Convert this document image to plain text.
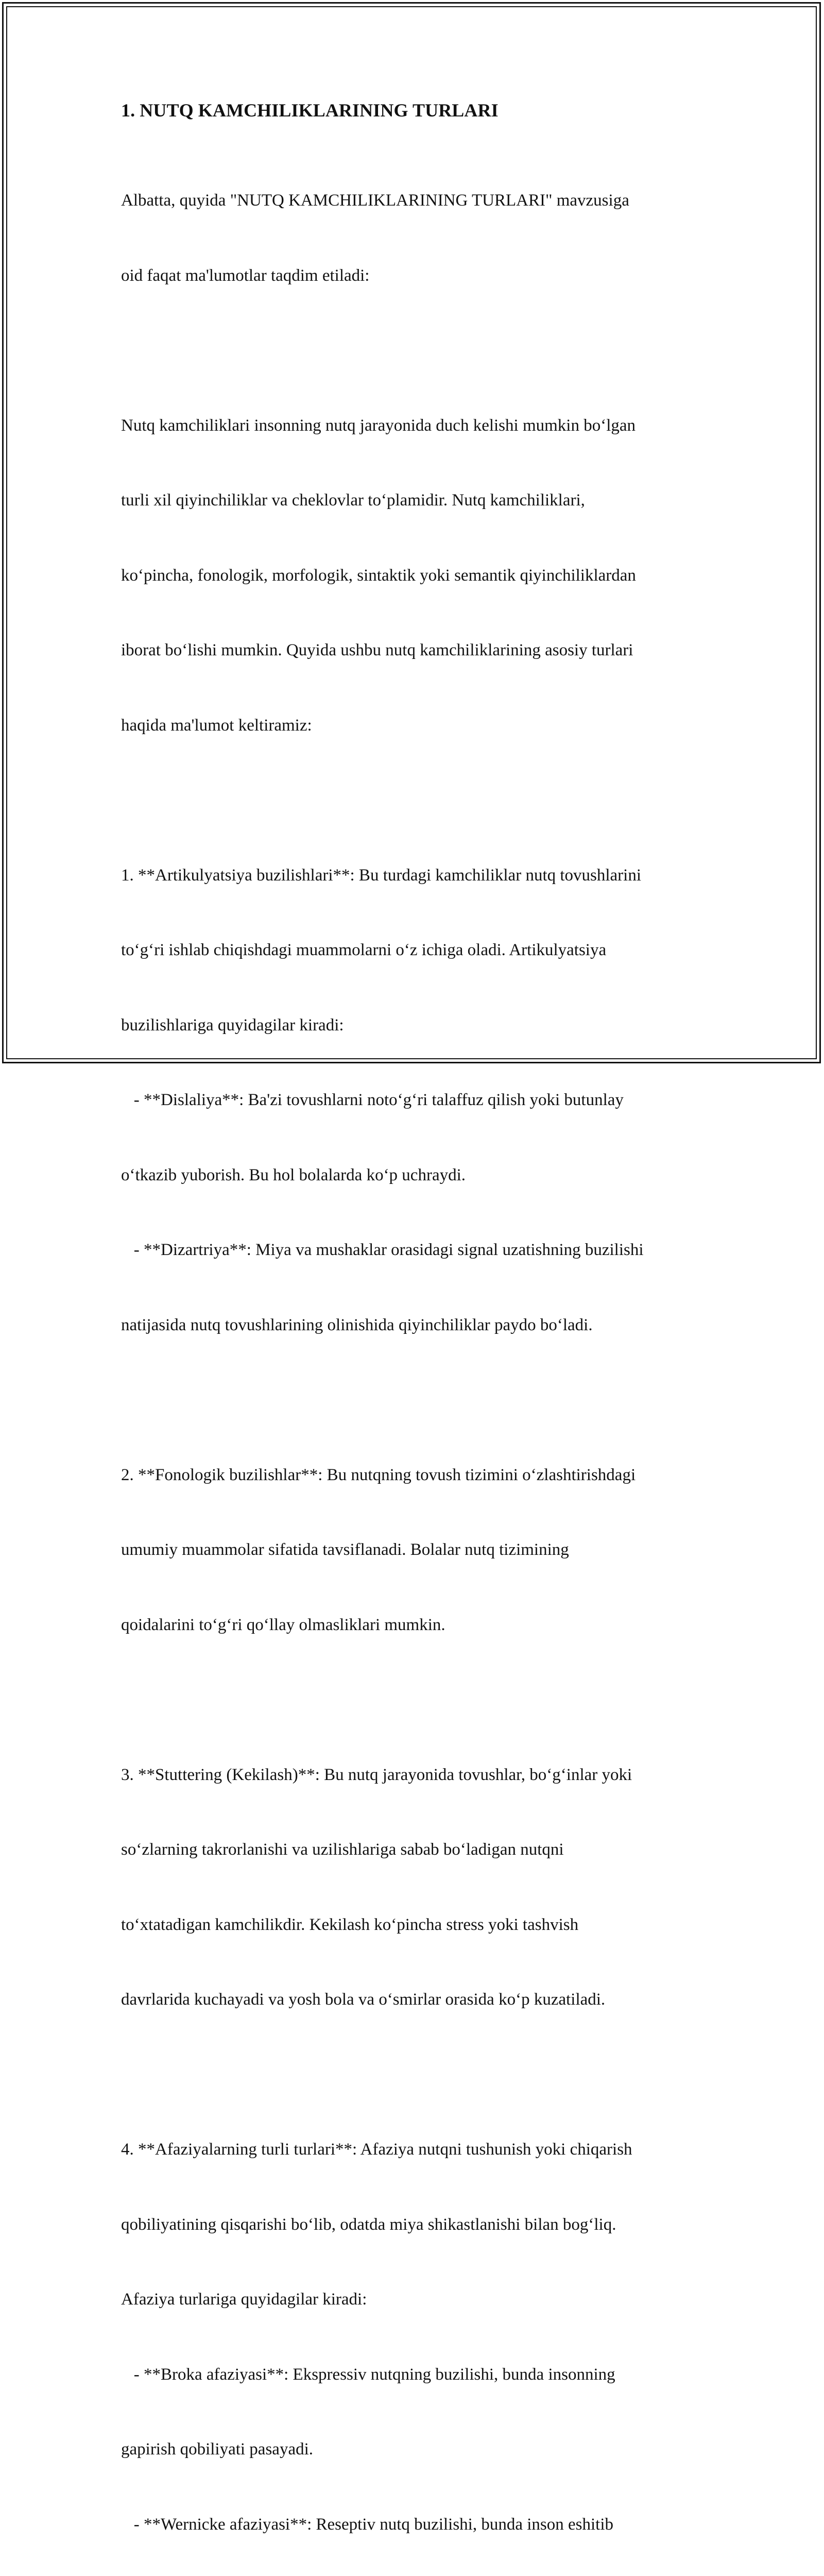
1. NUTQ KAMCHILIKLARINING TURLARI

Albatta, quyida "NUTQ KAMCHILIKLARINING TURLARI" mavzusiga

oid faqat ma'lumotlar taqdim etiladi:

Nutq kamchiliklari insonning nutq jarayonida duch kelishi mumkin bo‘lgan

turli xil qiyinchiliklar va cheklovlar to‘plamidir. Nutq kamchiliklari,

ko‘pincha, fonologik, morfologik, sintaktik yoki semantik qiyinchiliklardan

iborat bo‘lishi mumkin. Quyida ushbu nutq kamchiliklarining asosiy turlari

haqida ma'lumot keltiramiz:

1. **Artikulyatsiya buzilishlari**: Bu turdagi kamchiliklar nutq tovushlarini

to‘g‘ri ishlab chiqishdagi muammolarni o‘z ichiga oladi. Artikulyatsiya

buzilishlariga quyidagilar kiradi:

- **Dislaliya**: Ba'zi tovushlarni noto‘g‘ri talaffuz qilish yoki butunlay

o‘tkazib yuborish. Bu hol bolalarda ko‘p uchraydi.

- **Dizartriya**: Miya va mushaklar orasidagi signal uzatishning buzilishi

natijasida nutq tovushlarining olinishida qiyinchiliklar paydo bo‘ladi.

2. **Fonologik buzilishlar**: Bu nutqning tovush tizimini o‘zlashtirishdagi

umumiy muammolar sifatida tavsiflanadi. Bolalar nutq tizimining

qoidalarini to‘g‘ri qo‘llay olmasliklari mumkin.

3. **Stuttering (Kekilash)**: Bu nutq jarayonida tovushlar, bo‘g‘inlar yoki

so‘zlarning takrorlanishi va uzilishlariga sabab bo‘ladigan nutqni

to‘xtatadigan kamchilikdir. Kekilash ko‘pincha stress yoki tashvish

davrlarida kuchayadi va yosh bola va o‘smirlar orasida ko‘p kuzatiladi.

4. **Afaziyalarning turli turlari**: Afaziya nutqni tushunish yoki chiqarish

qobiliyatining qisqarishi bo‘lib, odatda miya shikastlanishi bilan bog‘liq.

Afaziya turlariga quyidagilar kiradi:

- **Broka afaziyasi**: Ekspressiv nutqning buzilishi, bunda insonning

gapirish qobiliyati pasayadi.

- **Wernicke afaziyasi**: Reseptiv nutq buzilishi, bunda inson eshitib
